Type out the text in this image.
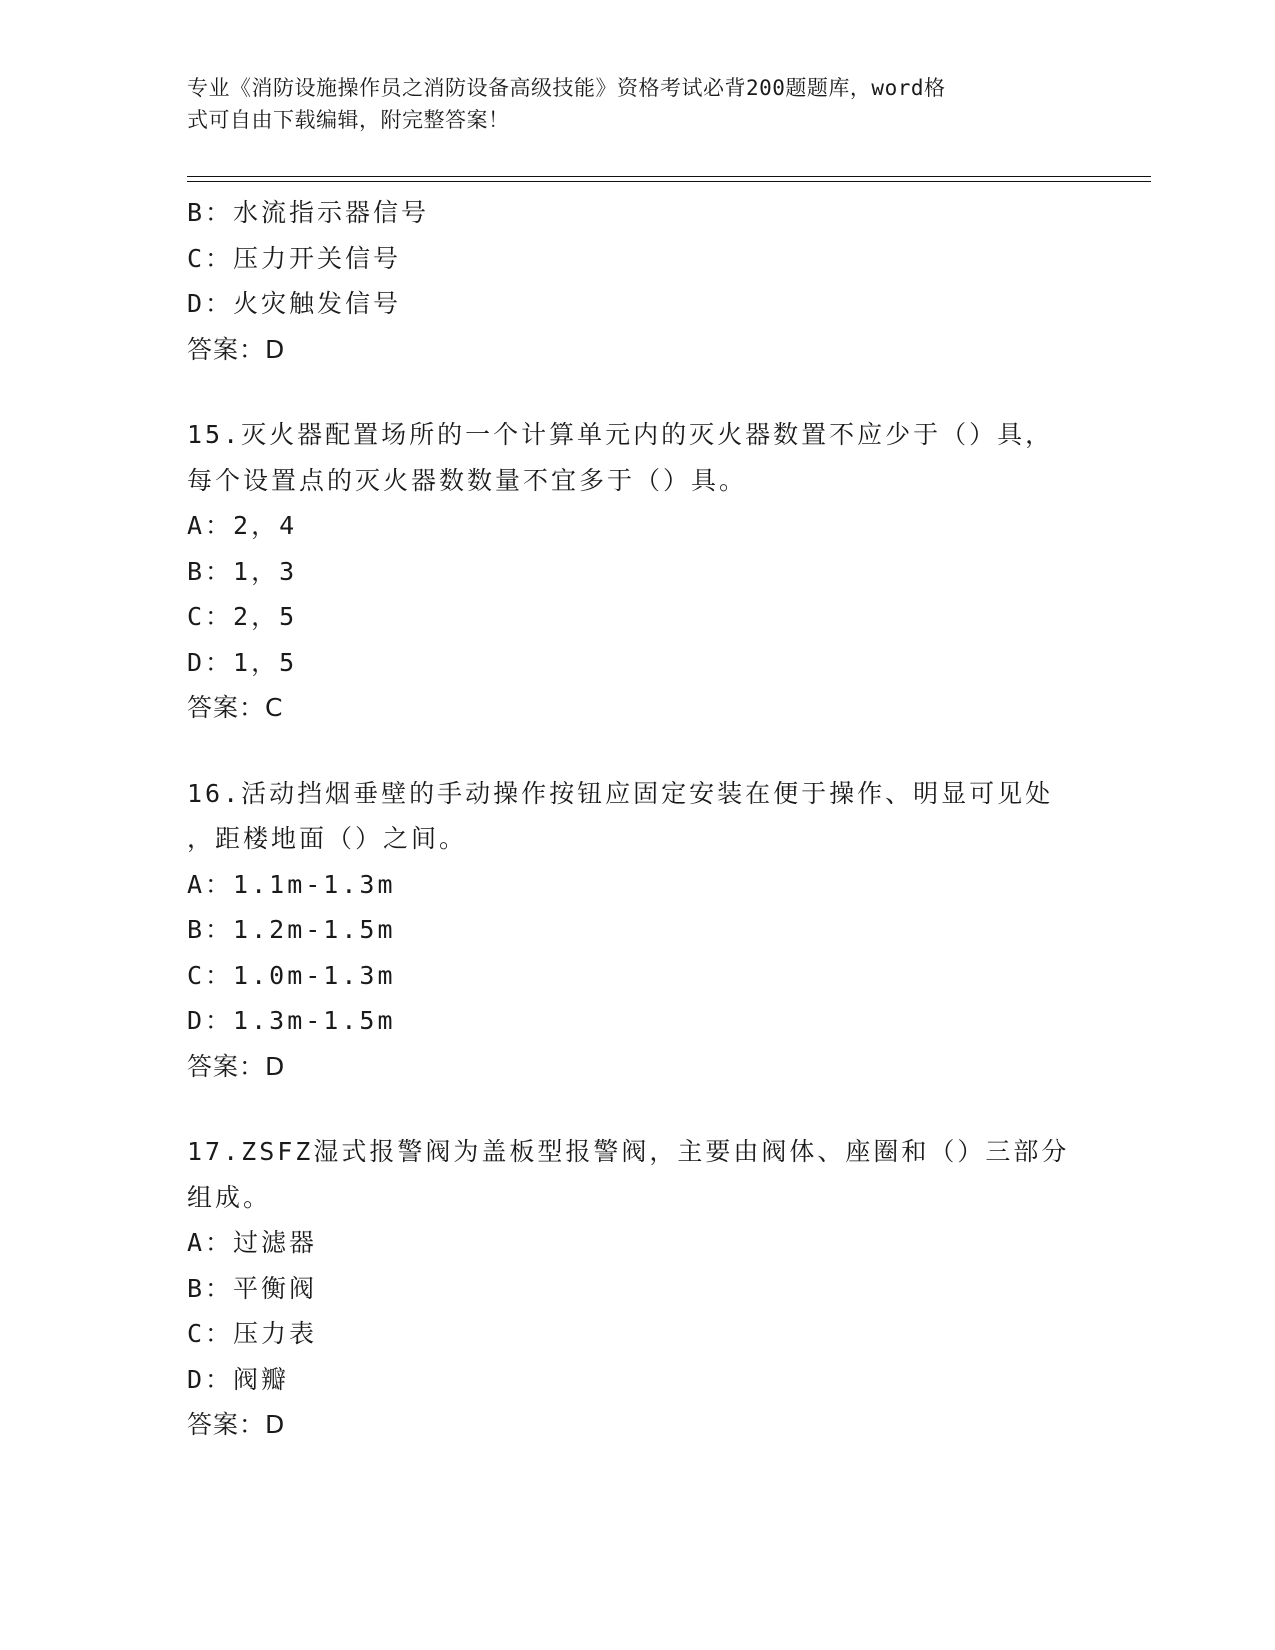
专业《消防设施操作员之消防设备高级技能》资格考试必背200题题库，word格
式可自由下载编辑，附完整答案！
B：水流指示器信号
C：压力开关信号
D：火灾触发信号
答案：D
15.灭火器配置场所的一个计算单元内的灭火器数置不应少于（）具，
每个设置点的灭火器数数量不宜多于（）具。
A：2，4
B：1，3
C：2，5
D：1，5
答案：C
16.活动挡烟垂壁的手动操作按钮应固定安装在便于操作、明显可见处
，距楼地面（）之间。
A：1.1m-1.3m
B：1.2m-1.5m
C：1.0m-1.3m
D：1.3m-1.5m
答案：D
17.ZSFZ湿式报警阀为盖板型报警阀，主要由阀体、座圈和（）三部分
组成。
A：过滤器
B：平衡阀
C：压力表
D：阀瓣
答案：D
